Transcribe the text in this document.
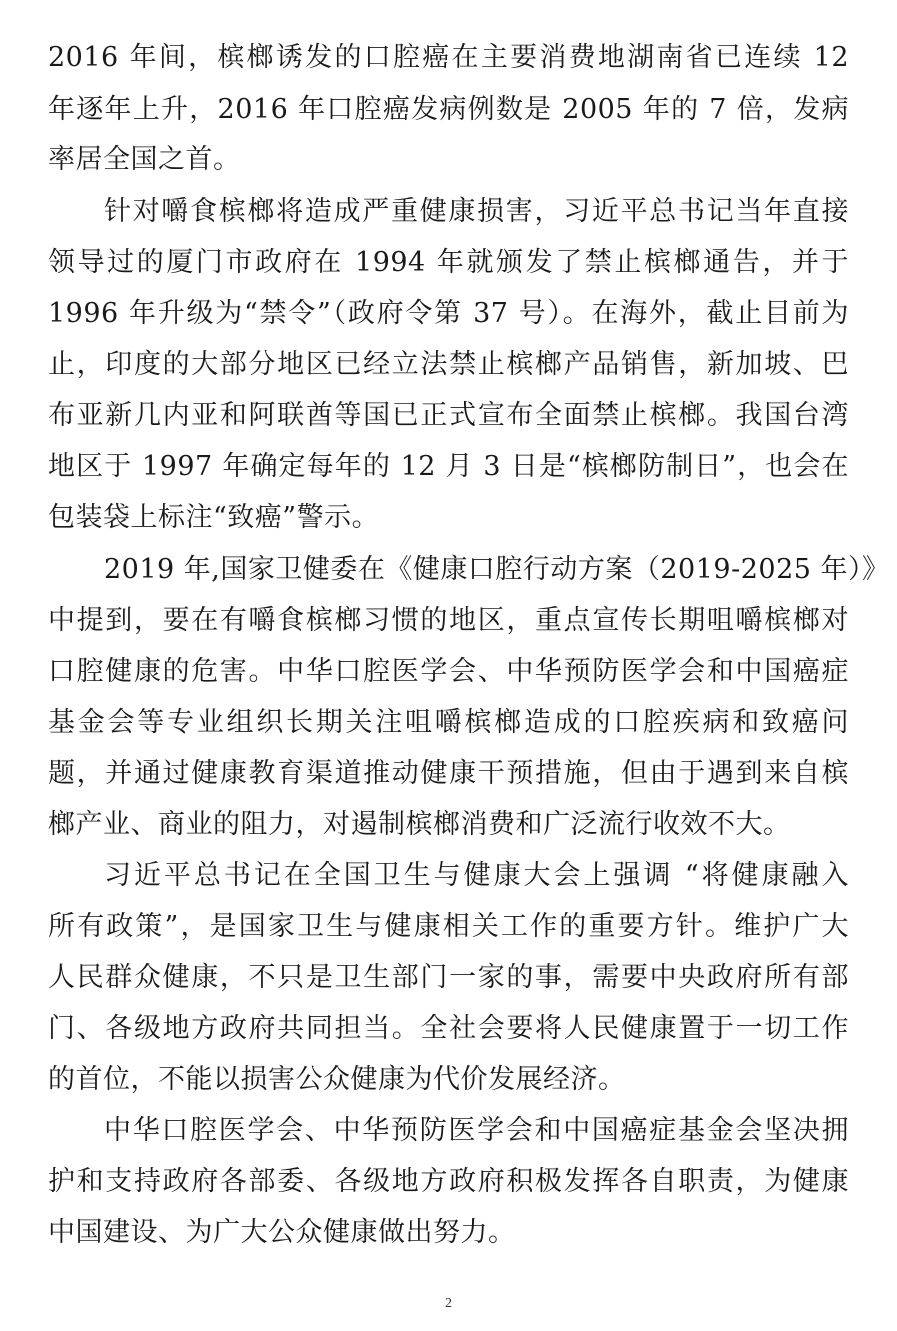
2016 年间，槟榔诱发的口腔癌在主要消费地湖南省已连续 12
年逐年上升，2016 年口腔癌发病例数是 2005 年的 7 倍，发病
率居全国之首。
针对嚼食槟榔将造成严重健康损害，习近平总书记当年直接
领导过的厦门市政府在 1994 年就颁发了禁止槟榔通告，并于
1996 年升级为“禁令”（政府令第 37 号）。在海外，截止目前为
止，印度的大部分地区已经立法禁止槟榔产品销售，新加坡、巴
布亚新几内亚和阿联酋等国已正式宣布全面禁止槟榔。我国台湾
地区于 1997 年确定每年的 12 月 3 日是“槟榔防制日”，也会在
包装袋上标注“致癌”警示。
2019 年,国家卫健委在《健康口腔行动方案（2019-2025 年）》
中提到，要在有嚼食槟榔习惯的地区，重点宣传长期咀嚼槟榔对
口腔健康的危害。中华口腔医学会、中华预防医学会和中国癌症
基金会等专业组织长期关注咀嚼槟榔造成的口腔疾病和致癌问
题，并通过健康教育渠道推动健康干预措施，但由于遇到来自槟
榔产业、商业的阻力，对遏制槟榔消费和广泛流行收效不大。
习近平总书记在全国卫生与健康大会上强调 “将健康融入
所有政策”，是国家卫生与健康相关工作的重要方针。维护广大
人民群众健康，不只是卫生部门一家的事，需要中央政府所有部
门、各级地方政府共同担当。全社会要将人民健康置于一切工作
的首位，不能以损害公众健康为代价发展经济。
中华口腔医学会、中华预防医学会和中国癌症基金会坚决拥
护和支持政府各部委、各级地方政府积极发挥各自职责，为健康
中国建设、为广大公众健康做出努力。
2
